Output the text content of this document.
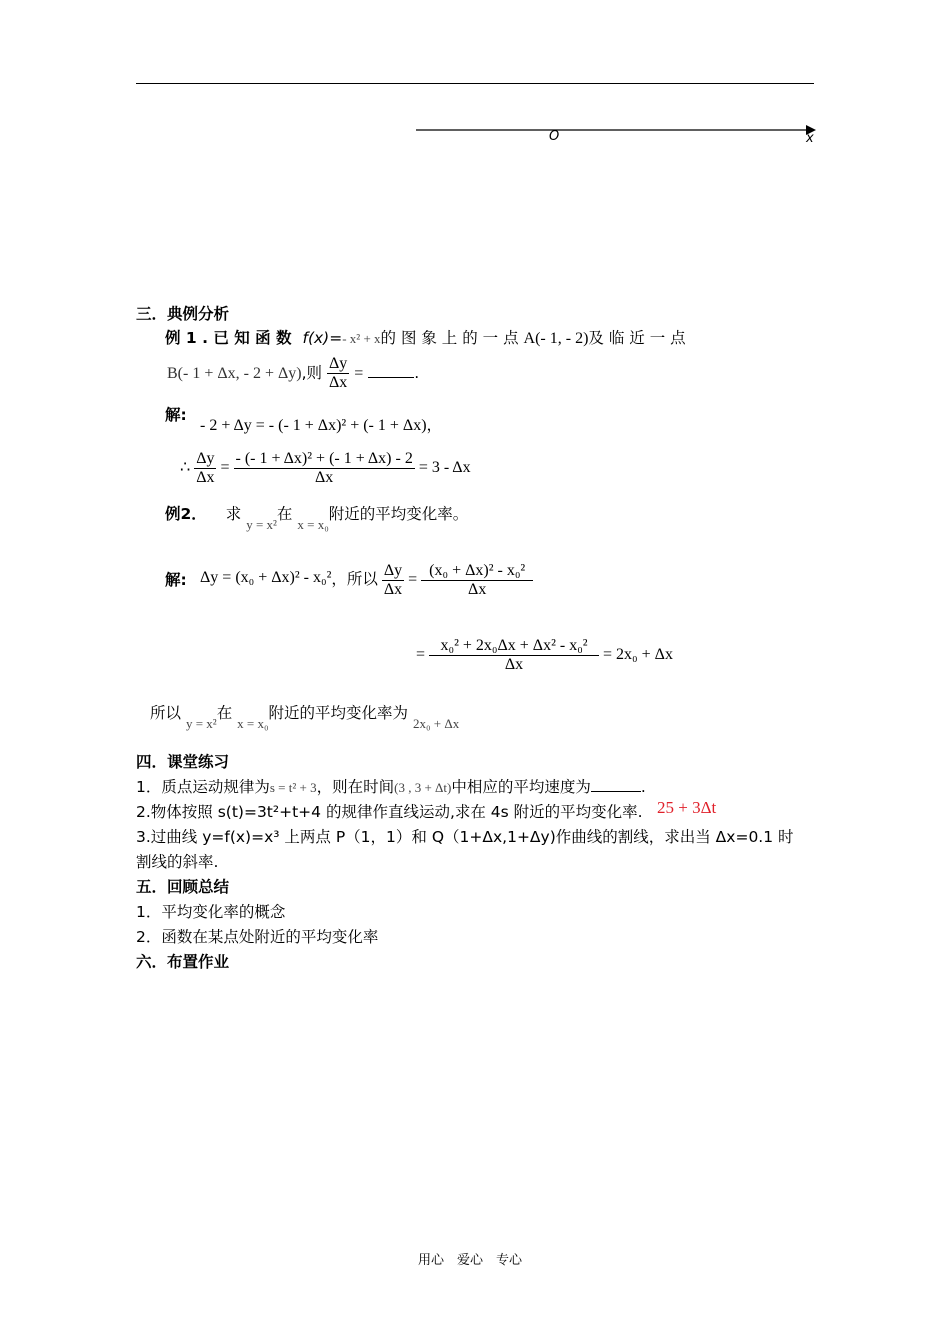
O	x
三．典例分析
例 1 . 已 知 函 数 f(x)=- x² + x的 图 象 上 的 一 点 A(- 1, - 2)及 临 近 一 点
B(- 1 + Δx, - 2 + Δy),则 $\frac{\Delta y}{\Delta x}$ =	.
解:
- 2 + Δy = - (- 1 + Δx)² + (- 1 + Δx)，
∴ $\frac{\Delta y}{\Delta x} = \frac{\text{- (- 1 + Δx)² + (- 1 + Δx) - 2}}{\Delta x} = 3 - \Delta x$
例2． 求 $_{y = x^2}$在 $_{x = x_0}$附近的平均变化率。
解: Δy = (x₀ + Δx)² - x₀²，所以 $\frac{\Delta y}{\Delta x} = \frac{\text{(x₀ + Δx)² - x₀²}}{\Delta x}$
= $\frac{\text{x₀² + 2x₀Δx + Δx² - x₀²}}{\Delta x} = 2x_0 + \Delta x$
所以 $_{y = x^2}$在 $_{x = x_0}$附近的平均变化率为 $_{2x_0 + \Delta x}$
四．课堂练习
1．质点运动规律为s = t² + 3，则在时间(3 , 3 + Δt)中相应的平均速度为	.
2.物体按照 s(t)=3t²+t+4 的规律作直线运动,求在 4s 附近的平均变化率. 25 + 3Δt
3.过曲线 y=f(x)=x³ 上两点 P（1，1）和 Q（1+Δx,1+Δy)作曲线的割线，求出当 Δx=0.1 时
割线的斜率.
五．回顾总结
1．平均变化率的概念
2．函数在某点处附近的平均变化率
六．布置作业
用心　爱心　专心
